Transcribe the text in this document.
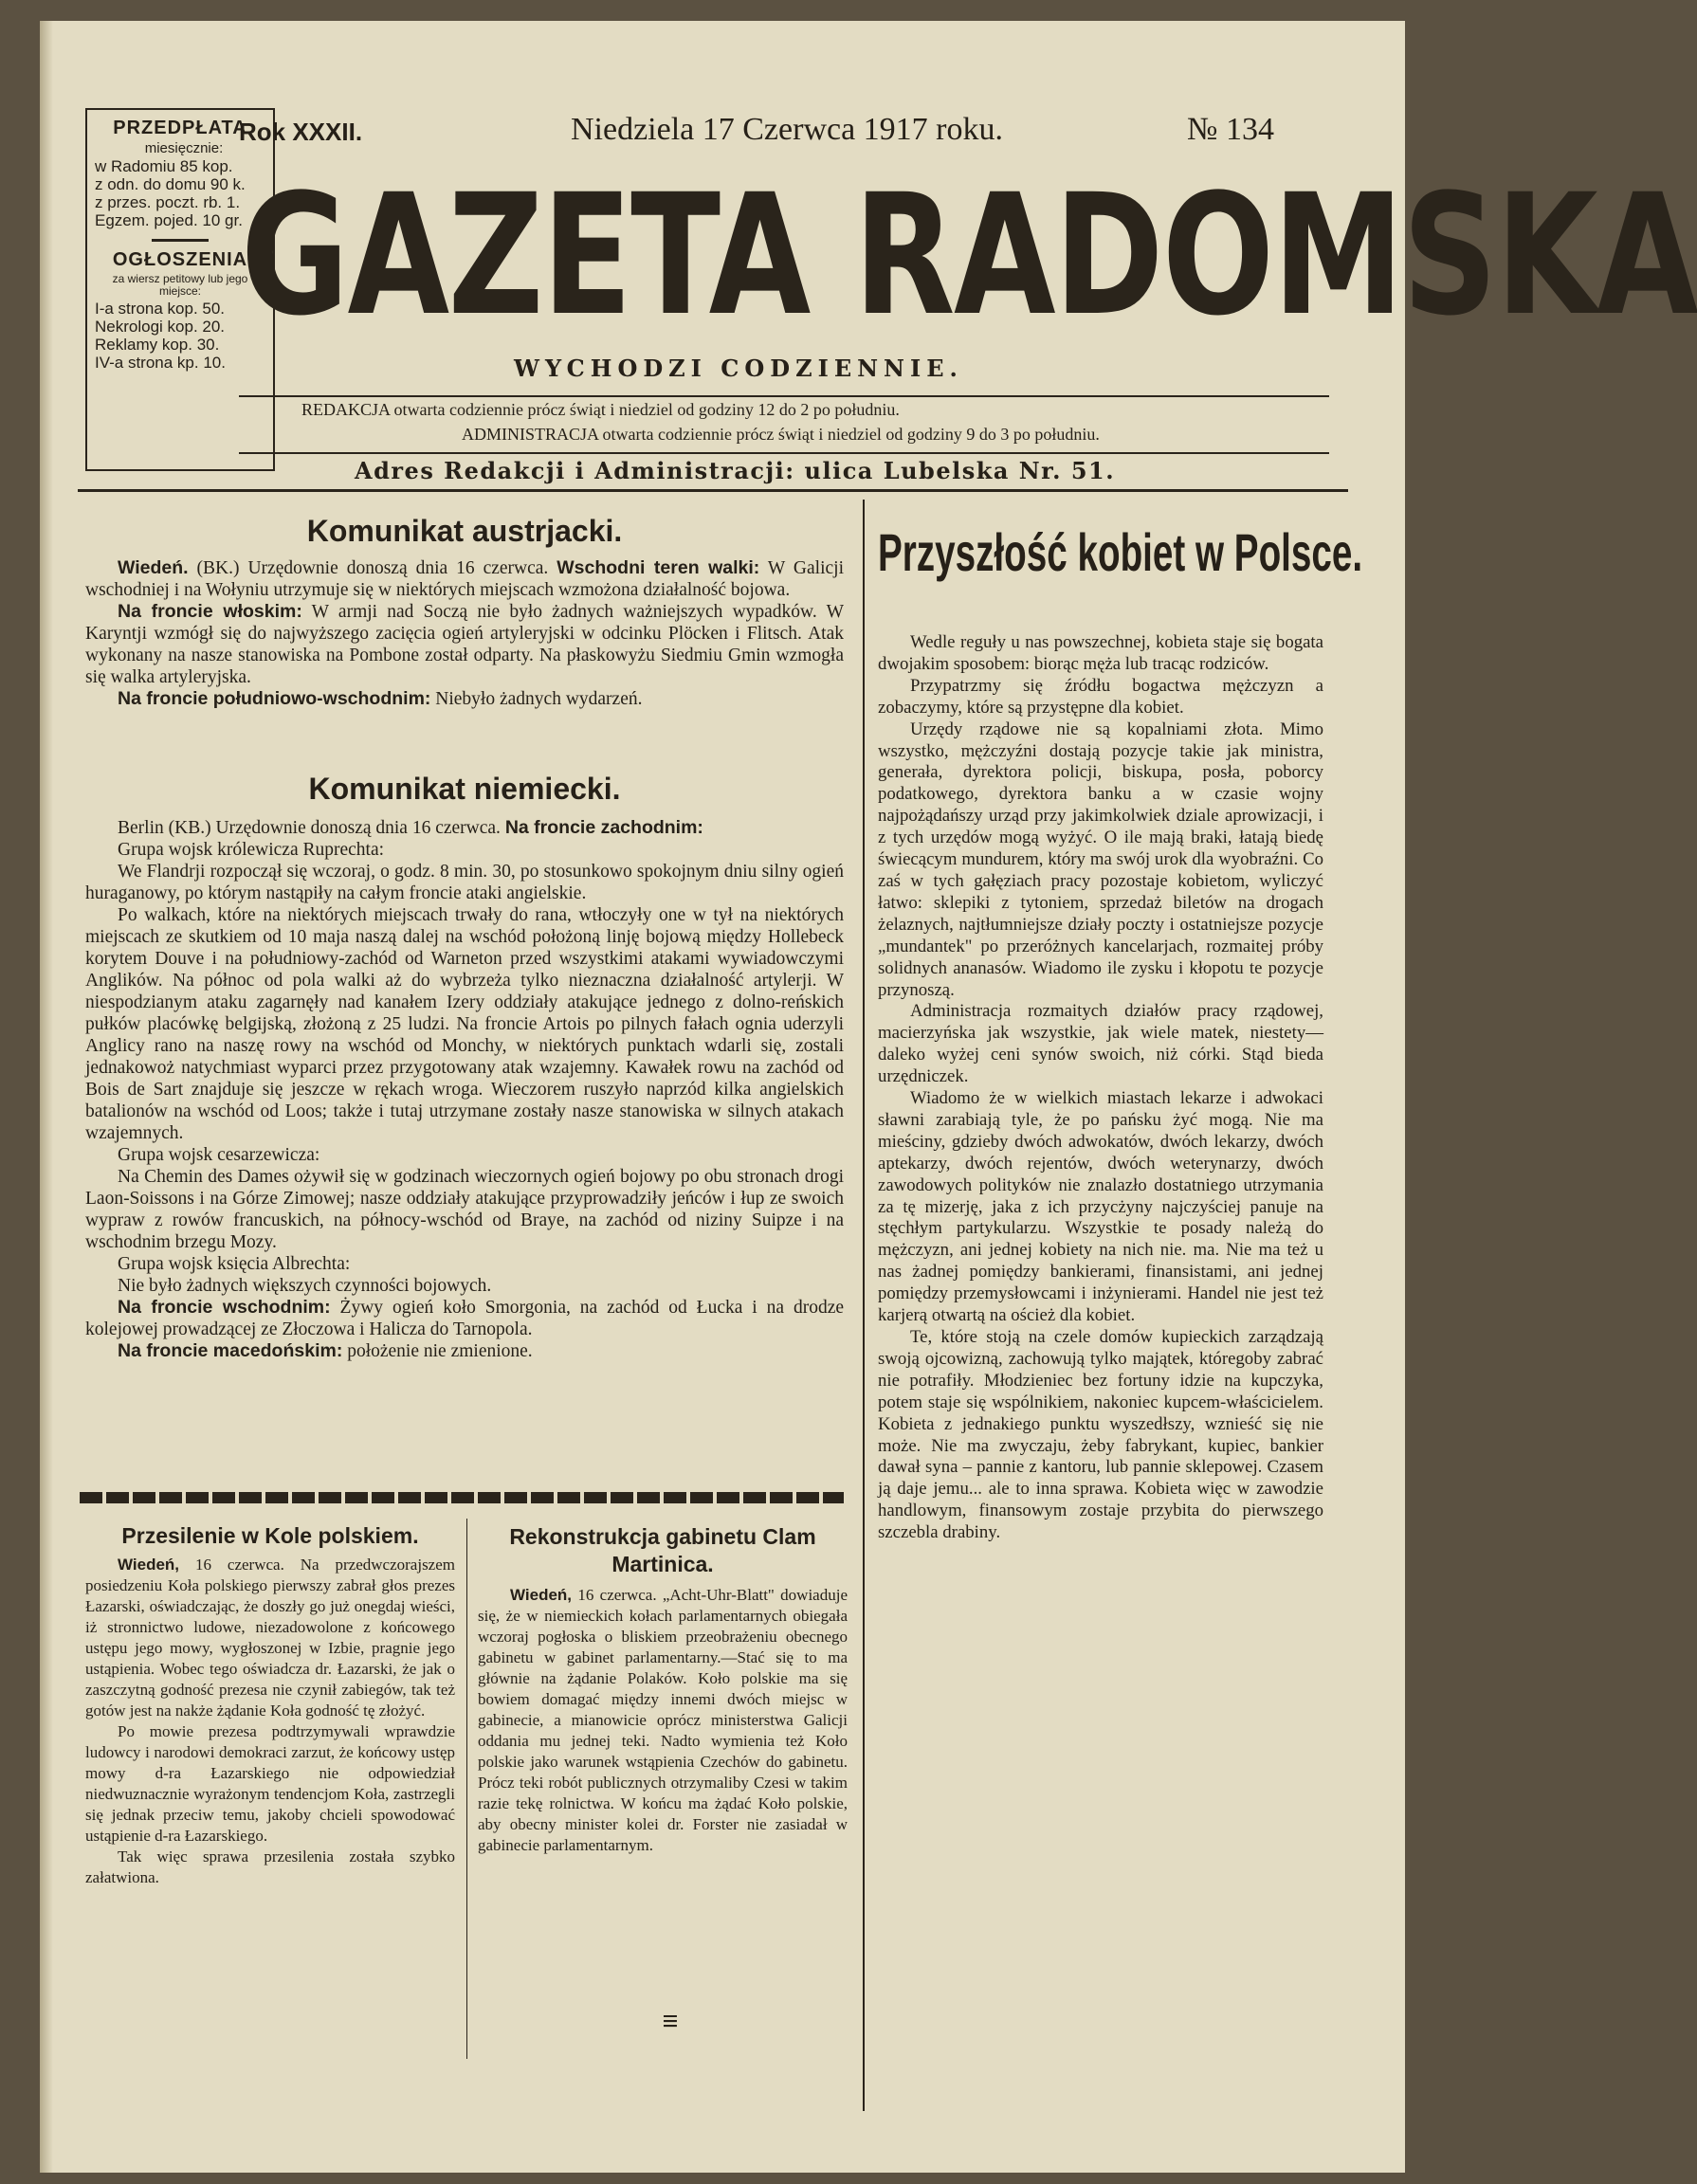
PRZEDPŁATA
miesięcznie:
w Radomiu 85 kop.
z odn. do domu 90 k.
z przes. poczt. rb. 1.
Egzem. pojed. 10 gr.
OGŁOSZENIA
za wiersz petitowy lub jego miejsce:
I-a strona kop. 50.
Nekrologi kop. 20.
Reklamy kop. 30.
IV-a strona kp. 10.
Rok XXXII.	Niedziela 17 Czerwca 1917 roku.	№ 134
GAZETA RADOMSKA
WYCHODZI CODZIENNIE.
REDAKCJA otwarta codziennie prócz świąt i niedziel od godziny 12 do 2 po południu.
ADMINISTRACJA otwarta codziennie prócz świąt i niedziel od godziny 9 do 3 po południu.
Adres Redakcji i Administracji: ulica Lubelska Nr. 51.
Komunikat austrjacki.

Wiedeń. (BK.) Urzędownie donoszą dnia 16 czerwca. Wschodni teren walki: W Galicji wschodniej i na Wołyniu utrzymuje się w niektórych miejscach wzmożona działalność bojowa.

Na froncie włoskim: W armji nad Soczą nie było żadnych ważniejszych wypadków. W Karyntji wzmógł się do najwyższego zacięcia ogień artyleryjski w odcinku Plöcken i Flitsch. Atak wykonany na nasze stanowiska na Pombone został odparty. Na płaskowyżu Siedmiu Gmin wzmogła się walka artyleryjska.

Na froncie południowo-wschodnim: Niebyło żadnych wydarzeń.

Komunikat niemiecki.

Berlin (KB.) Urzędownie donoszą dnia 16 czerwca. Na froncie zachodnim:

Grupa wojsk królewicza Ruprechta:

We Flandrji rozpoczął się wczoraj, o godz. 8 min. 30, po stosunkowo spokojnym dniu silny ogień huraganowy, po którym nastąpiły na całym froncie ataki angielskie.

Po walkach, które na niektórych miejscach trwały do rana, wtłoczyły one w tył na niektórych miejscach ze skutkiem od 10 maja naszą dalej na wschód położoną linję bojową między Hollebeck korytem Douve i na południowy-zachód od Warneton przed wszystkimi atakami wywiadowczymi Anglików. Na północ od pola walki aż do wybrzeża tylko nieznaczna działalność artylerji. W niespodzianym ataku zagarnęły nad kanałem Izery oddziały atakujące jednego z dolno-reńskich pułków placówkę belgijską, złożoną z 25 ludzi. Na froncie Artois po pilnych fałach ognia uderzyli Anglicy rano na naszę rowy na wschód od Monchy, w niektórych punktach wdarli się, zostali jednakowoż natychmiast wyparci przez przygotowany atak wzajemny. Kawałek rowu na zachód od Bois de Sart znajduje się jeszcze w rękach wroga. Wieczorem ruszyło naprzód kilka angielskich batalionów na wschód od Loos; także i tutaj utrzymane zostały nasze stanowiska w silnych atakach wzajemnych.

Grupa wojsk cesarzewicza:

Na Chemin des Dames ożywił się w godzinach wieczornych ogień bojowy po obu stronach drogi Laon-Soissons i na Górze Zimowej; nasze oddziały atakujące przyprowadziły jeńców i łup ze swoich wypraw z rowów francuskich, na północy-wschód od Braye, na zachód od niziny Suipze i na wschodnim brzegu Mozy.

Grupa wojsk księcia Albrechta:

Nie było żadnych większych czynności bojowych.

Na froncie wschodnim: Żywy ogień koło Smorgonia, na zachód od Łucka i na drodze kolejowej prowadzącej ze Złoczowa i Halicza do Tarnopola.

Na froncie macedońskim: położenie nie zmienione.

Przesilenie w Kole polskiem.

Wiedeń, 16 czerwca. Na przedwczorajszem posiedzeniu Koła polskiego pierwszy zabrał głos prezes Łazarski, oświadczając, że doszły go już onegdaj wieści, iż stronnictwo ludowe, niezadowolone z końcowego ustępu jego mowy, wygłoszonej w Izbie, pragnie jego ustąpienia. Wobec tego oświadcza dr. Łazarski, że jak o zaszczytną godność prezesa nie czynił zabiegów, tak też gotów jest na nakże żądanie Koła godność tę złożyć.

Po mowie prezesa podtrzymywali wprawdzie ludowcy i narodowi demokraci zarzut, że końcowy ustęp mowy d-ra Łazarskiego nie odpowiedział niedwuznacznie wyrażonym tendencjom Koła, zastrzegli się jednak przeciw temu, jakoby chcieli spowodować ustąpienie d-ra Łazarskiego.

Tak więc sprawa przesilenia została szybko załatwiona.

Rekonstrukcja gabinetu Clam Martinica.

Wiedeń, 16 czerwca. „Acht-Uhr-Blatt" dowiaduje się, że w niemieckich kołach parlamentarnych obiegała wczoraj pogłoska o bliskiem przeobrażeniu obecnego gabinetu w gabinet parlamentarny.—Stać się to ma głównie na żądanie Polaków. Koło polskie ma się bowiem domagać między innemi dwóch miejsc w gabinecie, a mianowicie oprócz ministerstwa Galicji oddania mu jednej teki. Nadto wymienia też Koło polskie jako warunek wstąpienia Czechów do gabinetu. Prócz teki robót publicznych otrzymaliby Czesi w takim razie tekę rolnictwa. W końcu ma żądać Koło polskie, aby obecny minister kolei dr. Forster nie zasiadał w gabinecie parlamentarnym.

≡
Przyszłość kobiet w Polsce.

Wedle reguły u nas powszechnej, kobieta staje się bogata dwojakim sposobem: biorąc męża lub tracąc rodziców.

Przypatrzmy się źródłu bogactwa mężczyzn a zobaczymy, które są przystępne dla kobiet.

Urzędy rządowe nie są kopalniami złota. Mimo wszystko, mężczyźni dostają pozycje takie jak ministra, generała, dyrektora policji, biskupa, posła, poborcy podatkowego, dyrektora banku a w czasie wojny najpożądańszy urząd przy jakimkolwiek dziale aprowizacji, i z tych urzędów mogą wyżyć. O ile mają braki, łatają biedę świecącym mundurem, który ma swój urok dla wyobraźni. Co zaś w tych gałęziach pracy pozostaje kobietom, wyliczyć łatwo: sklepiki z tytoniem, sprzedaż biletów na drogach żelaznych, najtłumniejsze działy poczty i ostatniejsze pozycje „mundantek" po przeróżnych kancelarjach, rozmaitej próby solidnych ananasów. Wiadomo ile zysku i kłopotu te pozycje przynoszą.

Administracja rozmaitych działów pracy rządowej, macierzyńska jak wszystkie, jak wiele matek, niestety—daleko wyżej ceni synów swoich, niż córki. Stąd bieda urzędniczek.

Wiadomo że w wielkich miastach lekarze i adwokaci sławni zarabiają tyle, że po pańsku żyć mogą. Nie ma mieściny, gdzieby dwóch adwokatów, dwóch lekarzy, dwóch aptekarzy, dwóch rejentów, dwóch weterynarzy, dwóch zawodowych polityków nie znalazło dostatniego utrzymania za tę mizerję, jaka z ich przycżyny najczyściej panuje na stęchłym partykularzu. Wszystkie te posady należą do mężczyzn, ani jednej kobiety na nich nie. ma. Nie ma też u nas żadnej pomiędzy bankierami, finansistami, ani jednej pomiędzy przemysłowcami i inżynierami. Handel nie jest też karjerą otwartą na oścież dla kobiet.

Te, które stoją na czele domów kupieckich zarządzają swoją ojcowizną, zachowują tylko majątek, któregoby zabrać nie potrafiły. Młodzieniec bez fortuny idzie na kupczyka, potem staje się wspólnikiem, nakoniec kupcem-właścicielem. Kobieta z jednakiego punktu wyszedłszy, wznieść się nie może. Nie ma zwyczaju, żeby fabrykant, kupiec, bankier dawał syna – pannie z kantoru, lub pannie sklepowej. Czasem ją daje jemu... ale to inna sprawa. Kobieta więc w zawodzie handlowym, finansowym zostaje przybita do pierwszego szczebla drabiny.
